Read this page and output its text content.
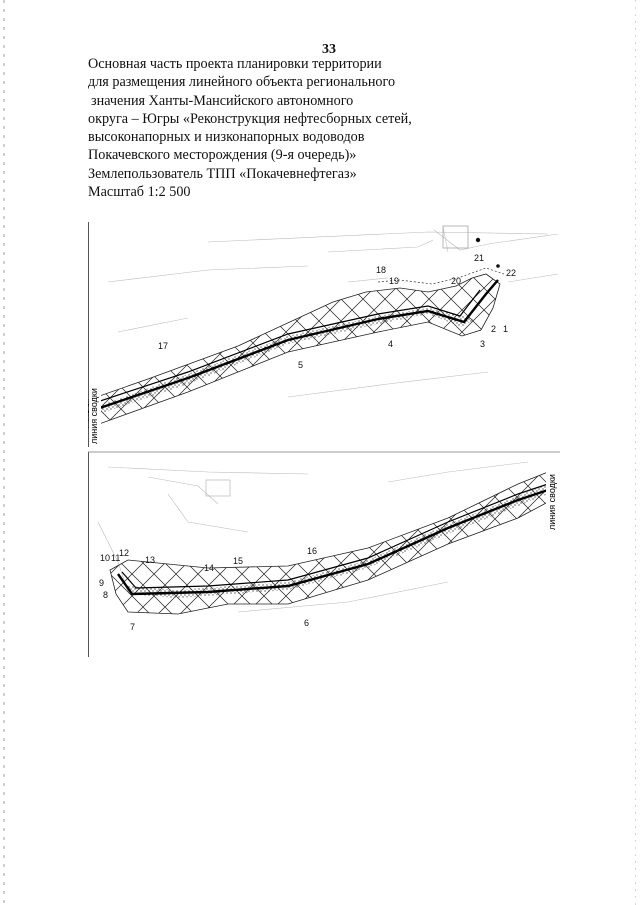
33

Основная часть проекта планировки территории
для размещения линейного объекта регионального
значения Ханты-Мансийского автономного
округа – Югры «Реконструкция нефтесборных сетей,
высоконапорных и низконапорных водоводов
Покачевского месторождения (9-я очередь)»
Землепользователь ТПП «Покачевнефтегаз»
Масштаб 1:2 500
линия сводки
1
2
3
4
5
17
18
19	20
21
22
линия сводки
6
7
8
9
10 11
12
13
14
15
16
